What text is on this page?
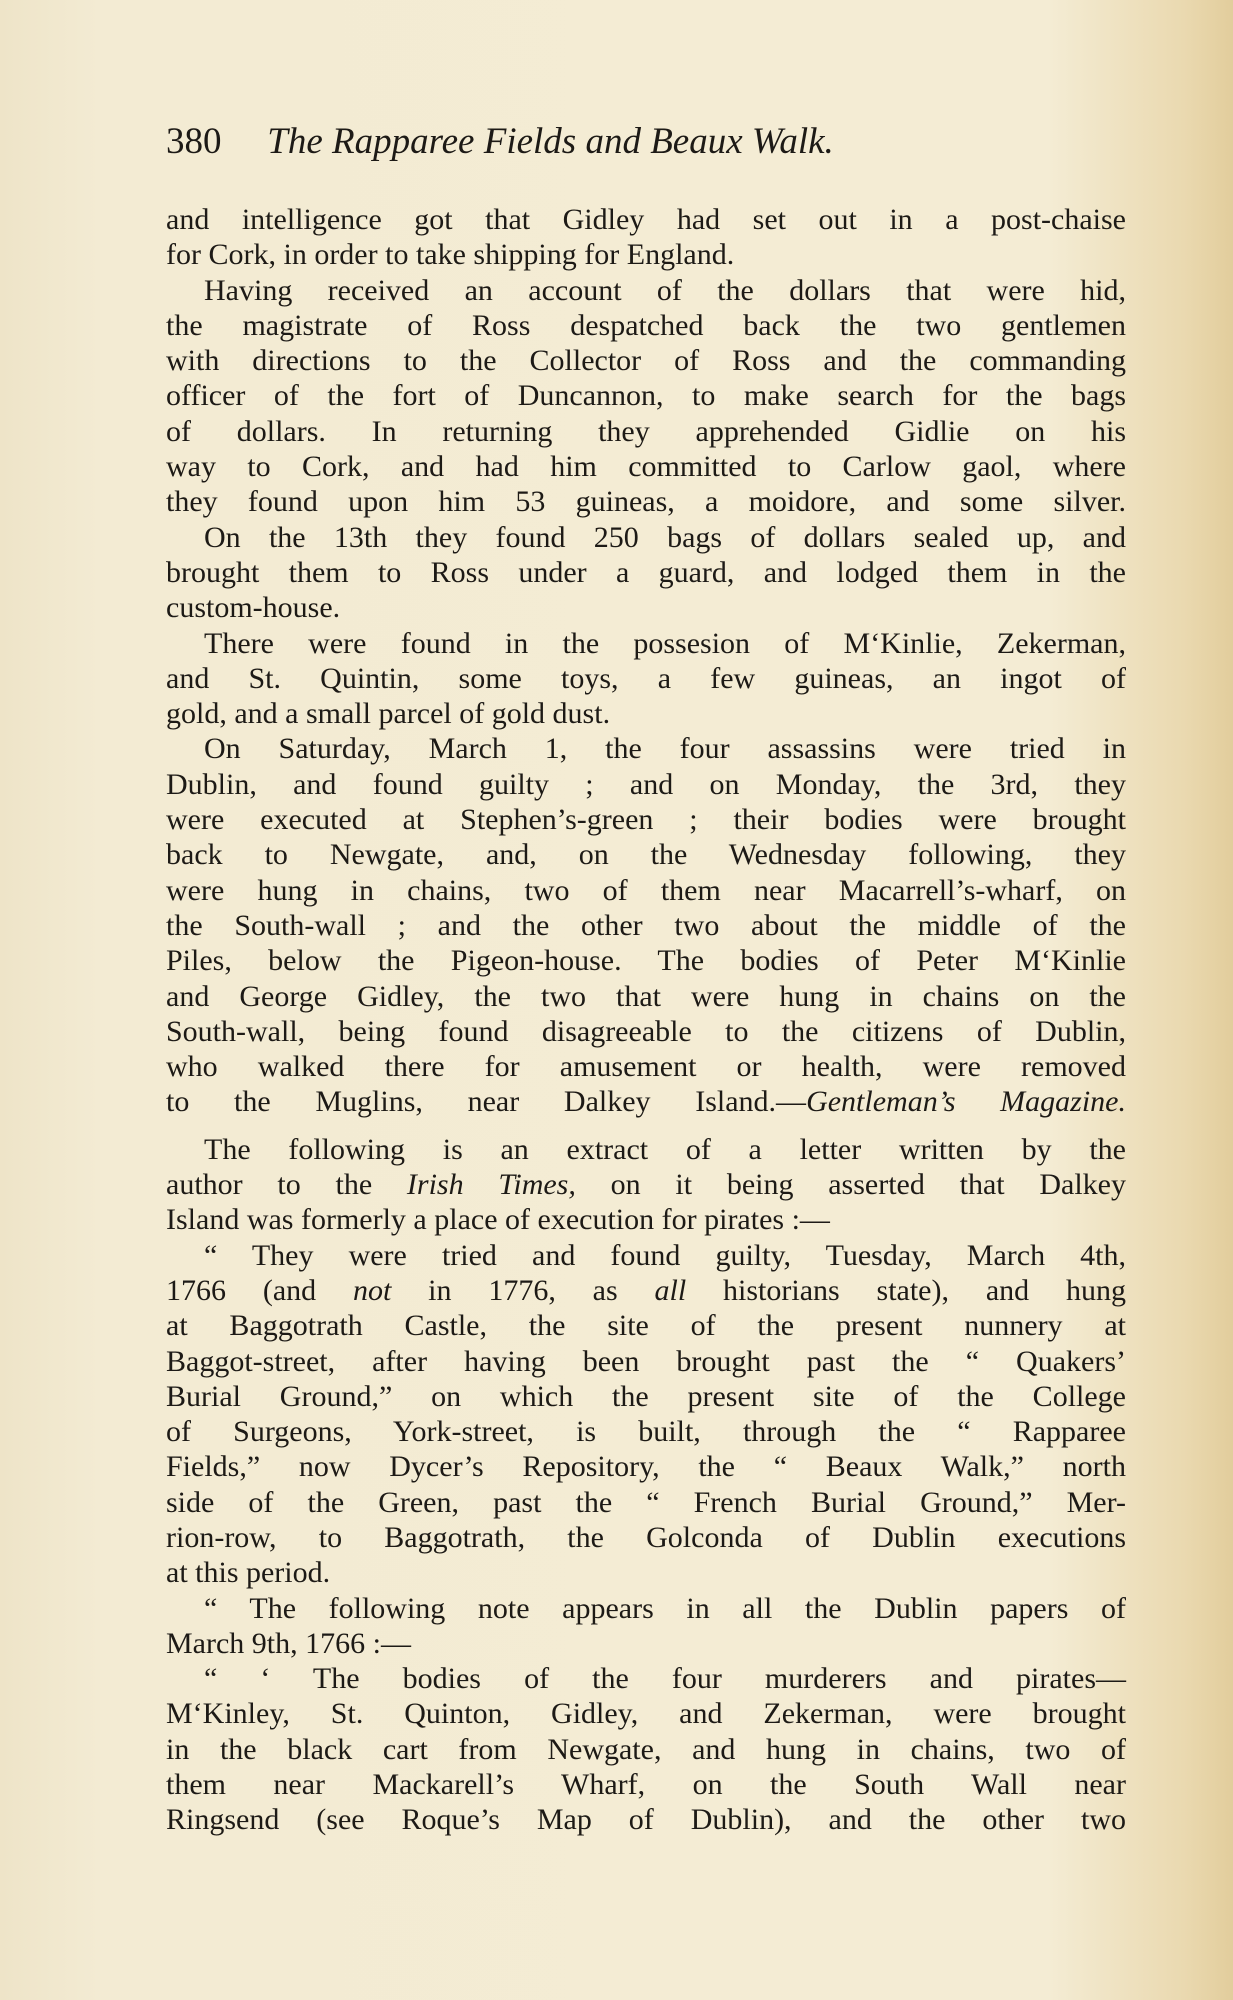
380 The Rapparee Fields and Beaux Walk.
and intelligence got that Gidley had set out in a post-chaise
for Cork, in order to take shipping for England.
Having received an account of the dollars that were hid,
the magistrate of Ross despatched back the two gentlemen
with directions to the Collector of Ross and the commanding
officer of the fort of Duncannon, to make search for the bags
of dollars. In returning they apprehended Gidlie on his
way to Cork, and had him committed to Carlow gaol, where
they found upon him 53 guineas, a moidore, and some silver.
On the 13th they found 250 bags of dollars sealed up, and
brought them to Ross under a guard, and lodged them in the
custom-house.
There were found in the possesion of M‘Kinlie, Zekerman,
and St. Quintin, some toys, a few guineas, an ingot of
gold, and a small parcel of gold dust.
On Saturday, March 1, the four assassins were tried in
Dublin, and found guilty ; and on Monday, the 3rd, they
were executed at Stephen’s-green ; their bodies were brought
back to Newgate, and, on the Wednesday following, they
were hung in chains, two of them near Macarrell’s-wharf, on
the South-wall ; and the other two about the middle of the
Piles, below the Pigeon-house. The bodies of Peter M‘Kinlie
and George Gidley, the two that were hung in chains on the
South-wall, being found disagreeable to the citizens of Dublin,
who walked there for amusement or health, were removed
to the Muglins, near Dalkey Island.—Gentleman’s Magazine.
The following is an extract of a letter written by the
author to the Irish Times, on it being asserted that Dalkey
Island was formerly a place of execution for pirates :—
“ They were tried and found guilty, Tuesday, March 4th,
1766 (and not in 1776, as all historians state), and hung
at Baggotrath Castle, the site of the present nunnery at
Baggot-street, after having been brought past the “ Quakers’
Burial Ground,” on which the present site of the College
of Surgeons, York-street, is built, through the “ Rapparee
Fields,” now Dycer’s Repository, the “ Beaux Walk,” north
side of the Green, past the “ French Burial Ground,” Mer-
rion-row, to Baggotrath, the Golconda of Dublin executions
at this period.
“ The following note appears in all the Dublin papers of
March 9th, 1766 :—
“ ‘ The bodies of the four murderers and pirates—
M‘Kinley, St. Quinton, Gidley, and Zekerman, were brought
in the black cart from Newgate, and hung in chains, two of
them near Mackarell’s Wharf, on the South Wall near
Ringsend (see Roque’s Map of Dublin), and the other two
